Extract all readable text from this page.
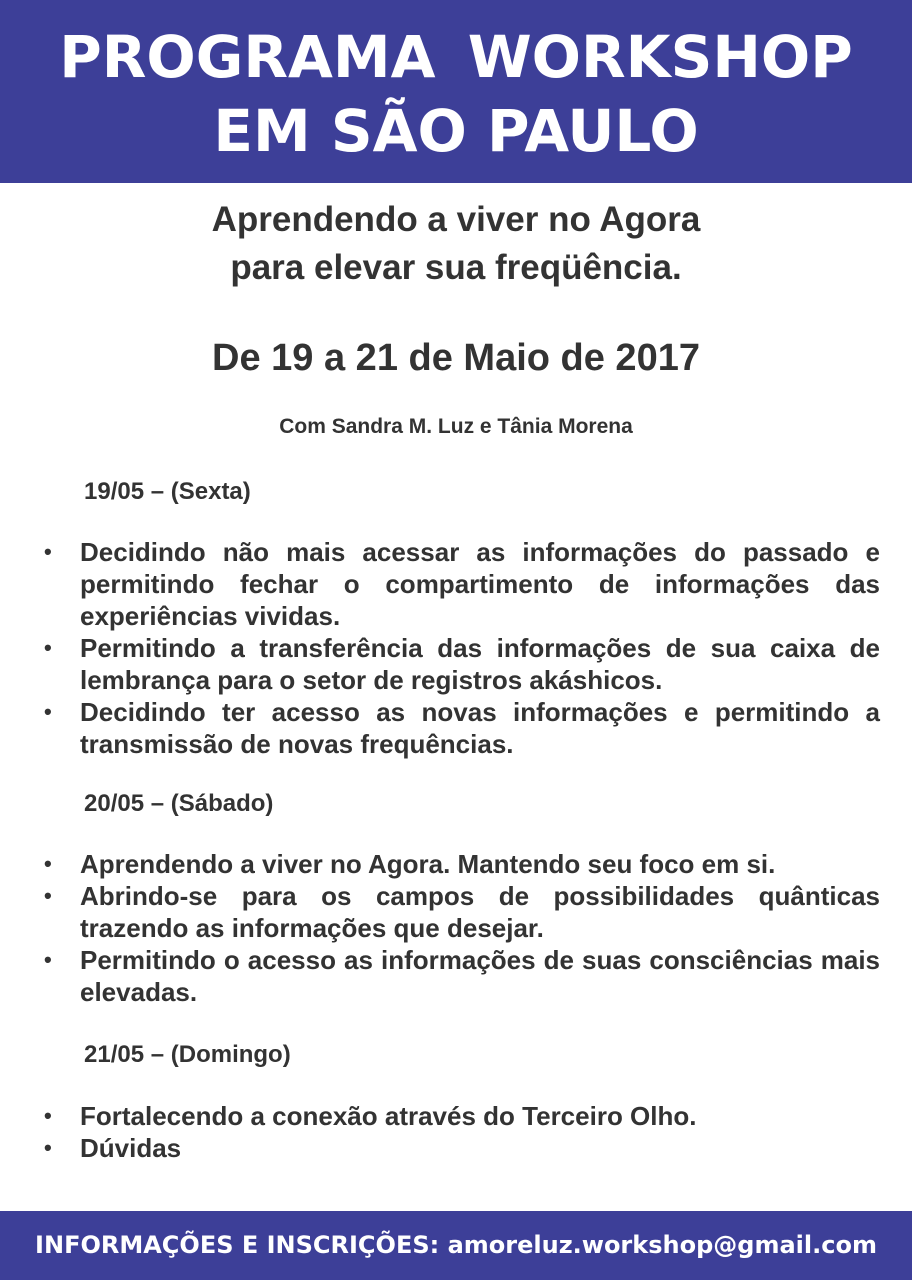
PROGRAMA WORKSHOP
EM SÃO PAULO
Aprendendo a viver no Agora
para elevar sua freqüência.
De 19 a 21 de Maio de 2017
Com Sandra M. Luz e Tânia Morena
19/05 – (Sexta)
• Decidindo não mais acessar as informações do passado e permitindo fechar o compartimento de informações das experiências vividas.
• Permitindo a transferência das informações de sua caixa de lembrança para o setor de registros akáshicos.
• Decidindo ter acesso as novas informações e permitindo a transmissão de novas frequências.
20/05 – (Sábado)
• Aprendendo a viver no Agora. Mantendo seu foco em si.
• Abrindo-se para os campos de possibilidades quânticas trazendo as informações que desejar.
• Permitindo o acesso as informações de suas consciências mais elevadas.
21/05 – (Domingo)
• Fortalecendo a conexão através do Terceiro Olho.
• Dúvidas
INFORMAÇÕES E INSCRIÇÕES: amoreluz.workshop@gmail.com
